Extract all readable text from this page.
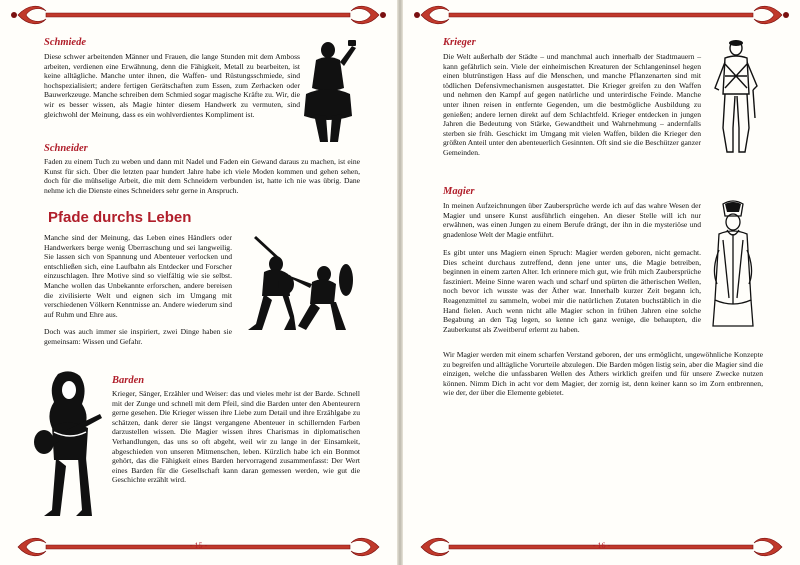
Schmiede

Diese schwer arbeitenden Männer und Frauen, die lange Stunden mit dem Amboss arbeiten, verdienen eine Erwähnung, denn die Fähigkeit, Metall zu bearbeiten, ist keine alltägliche. Manche unter ihnen, die Waffen- und Rüstungsschmiede, sind hochspezialisiert; andere fertigen Gerätschaften zum Essen, zum Zerhacken oder Bauwerkzeuge. Manche schreiben dem Schmied sogar magische Kräfte zu. Wir, die wir es besser wissen, als Magie hinter diesem Handwerk zu vermuten, sind gleichwohl der Meinung, dass es ein wohlverdientes Kompliment ist.

Schneider

Faden zu einem Tuch zu weben und dann mit Nadel und Faden ein Gewand daraus zu machen, ist eine Kunst für sich. Über die letzten paar hundert Jahre habe ich viele Moden kommen und gehen sehen, doch für die mühselige Arbeit, die mit dem Schneidern verbunden ist, hatte ich nie was übrig. Dane nehme ich die Dienste eines Schneiders sehr gerne in Anspruch.

Pfade durchs Leben

Manche sind der Meinung, das Leben eines Händlers oder Handwerkers berge wenig Überraschung und sei langweilig. Sie lassen sich von Spannung und Abenteuer verlocken und entschließen sich, eine Laufbahn als Entdecker und Forscher einzuschlagen. Ihre Motive sind so vielfältig wie sie selbst. Manche wollen das Unbekannte erforschen, andere bereisen die zivilisierte Welt und eignen sich im Umgang mit verschiedenen Völkern Kenntnisse an. Andere wiederum sind auf Ruhm und Ehre aus.

Doch was auch immer sie inspiriert, zwei Dinge haben sie gemeinsam: Wissen und Gefahr.

Barden

Krieger, Sänger, Erzähler und Weiser: das und vieles mehr ist der Barde. Schnell mit der Zunge und schnell mit dem Pfeil, sind die Barden unter den Abenteurern gerne gesehen. Die Krieger wissen ihre Liebe zum Detail und ihre Erzählgabe zu schätzen, dank derer sie längst vergangene Abenteuer in schillernden Farben darzustellen wissen. Die Magier wissen ihres Charismas in diplomatischen Verhandlungen, das uns so oft abgeht, weil wir zu lange in der Einsamkeit, abgeschieden von unseren Mitmenschen, leben. Kürzlich habe ich ein Bonmot gehört, das die Fähigkeit eines Barden hervorragend zusammenfasst: Der Wert eines Barden für die Gesellschaft kann daran gemessen werden, wie gut die Geschichte erzählt wird.

- 15 -
Krieger

Die Welt außerhalb der Städte – und manchmal auch innerhalb der Stadtmauern – kann gefährlich sein. Viele der einheimischen Kreaturen der Schlangeninsel hegen einen blutrünstigen Hass auf die Menschen, und manche Pflanzenarten sind mit tödlichen Defensivmechanismen ausgestattet. Die Krieger greifen zu den Waffen und nehmen den Kampf auf gegen natürliche und unterirdische Feinde. Manche unter ihnen reisen in entfernte Gegenden, um die bestmögliche Ausbildung zu genießen; andere lernen direkt auf dem Schlachtfeld. Krieger entdecken in jungen Jahren die Bedeutung von Stärke, Gewandtheit und Wahrnehmung – andernfalls sterben sie früh. Geschickt im Umgang mit vielen Waffen, bilden die Krieger den größten Anteil unter den abenteuerlich Gesinnten. Oft sind sie die Beschützer ganzer Gemeinden.

Magier

In meinen Aufzeichnungen über Zaubersprüche werde ich auf das wahre Wesen der Magier und unsere Kunst ausführlich eingehen. An dieser Stelle will ich nur erwähnen, was einen Jungen zu einem Berufe drängt, der ihn in die mysteriöse und gnadenlose Welt der Magie entführt.

Es gibt unter uns Magiern einen Spruch: Magier werden geboren, nicht gemacht. Dies scheint durchaus zutreffend, denn jene unter uns, die Magie betreiben, beginnen in einem zarten Alter. Ich erinnere mich gut, wie früh mich Zaubersprüche fasziniert. Meine Sinne waren wach und scharf und spürten die ätherischen Wellen, noch bevor ich wusste was der Äther war. Innerhalb kurzer Zeit begann ich, Reagenzmittel zu sammeln, wobei mir die natürlichen Zutaten buchstäblich in die Hand fielen. Auch wenn nicht alle Magier schon in frühen Jahren eine solche Begabung an den Tag legen, so kenne ich ganz wenige, die behaupten, die Zauberkunst als Zweitberuf erlernt zu haben.

Wir Magier werden mit einem scharfen Verstand geboren, der uns ermöglicht, ungewöhnliche Konzepte zu begreifen und alltägliche Vorurteile abzulegen. Die Barden mögen listig sein, aber die Magier sind die einzigen, welche die unfassbaren Wellen des Äthers wirklich greifen und für unsere Zwecke nutzen können. Nimm Dich in acht vor dem Magier, der zornig ist, denn keiner kann so im Zorn entbrennen, wie der, der über die Elemente gebietet.

- 16 -
